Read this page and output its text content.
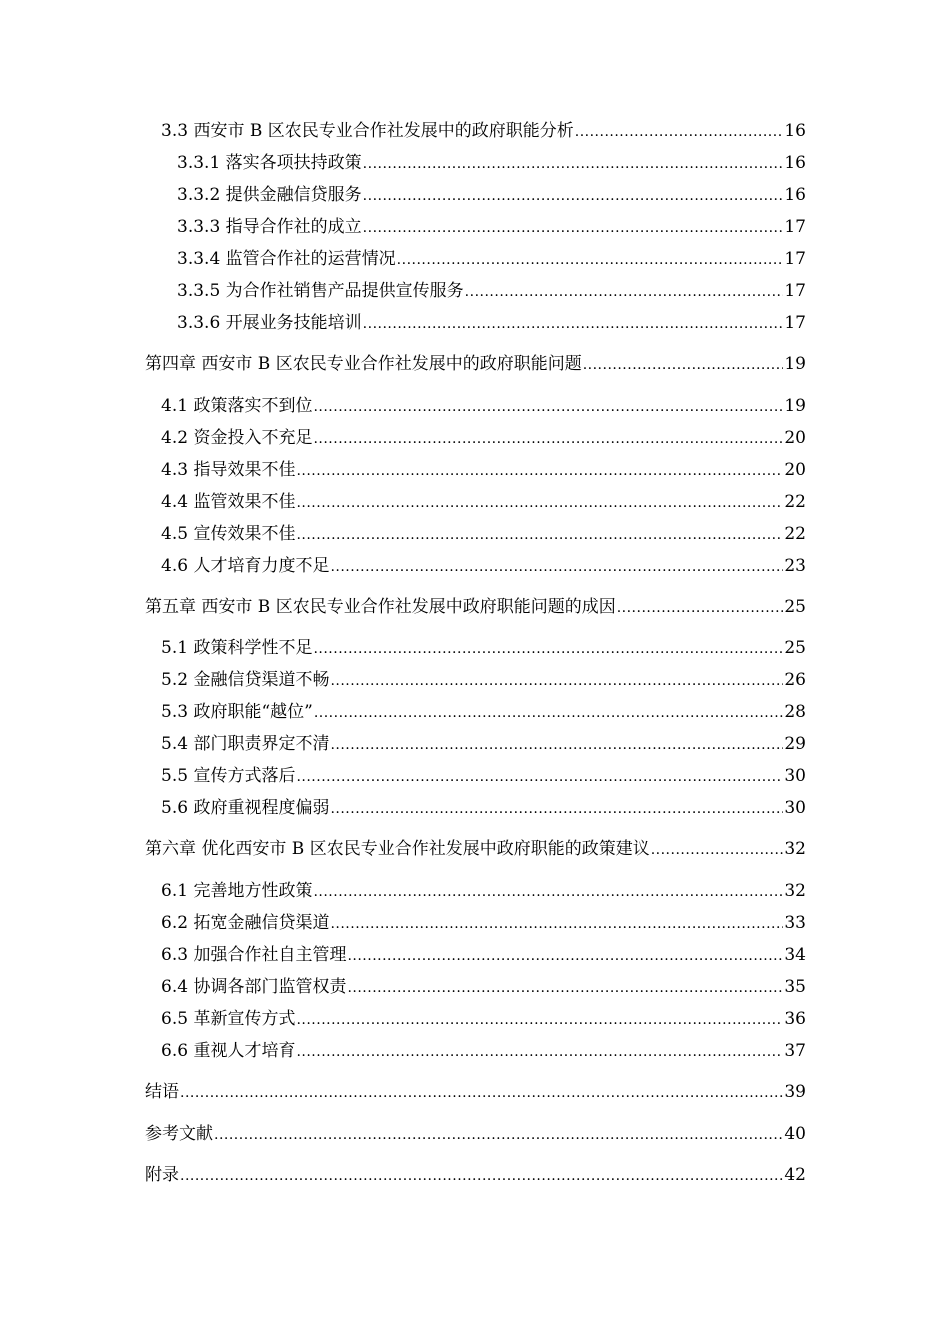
3.3 西安市 B 区农民专业合作社发展中的政府职能分析 .....	16
3.3.1 落实各项扶持政策 .....	16
3.3.2 提供金融信贷服务 .....	16
3.3.3 指导合作社的成立 .....	17
3.3.4 监管合作社的运营情况 .....	17
3.3.5 为合作社销售产品提供宣传服务 .....	17
3.3.6 开展业务技能培训 .....	17
第四章 西安市 B 区农民专业合作社发展中的政府职能问题 .....	19
4.1 政策落实不到位 .....	19
4.2 资金投入不充足 .....	20
4.3 指导效果不佳 .....	20
4.4 监管效果不佳 .....	22
4.5 宣传效果不佳 .....	22
4.6 人才培育力度不足 .....	23
第五章 西安市 B 区农民专业合作社发展中政府职能问题的成因 .....	25
5.1 政策科学性不足 .....	25
5.2 金融信贷渠道不畅 .....	26
5.3 政府职能“越位” .....	28
5.4 部门职责界定不清 .....	29
5.5 宣传方式落后 .....	30
5.6 政府重视程度偏弱 .....	30
第六章 优化西安市 B 区农民专业合作社发展中政府职能的政策建议 .....	32
6.1 完善地方性政策 .....	32
6.2 拓宽金融信贷渠道 .....	33
6.3 加强合作社自主管理 .....	34
6.4 协调各部门监管权责 .....	35
6.5 革新宣传方式 .....	36
6.6 重视人才培育 .....	37
结语 .....	39
参考文献 .....	40
附录 .....	42
